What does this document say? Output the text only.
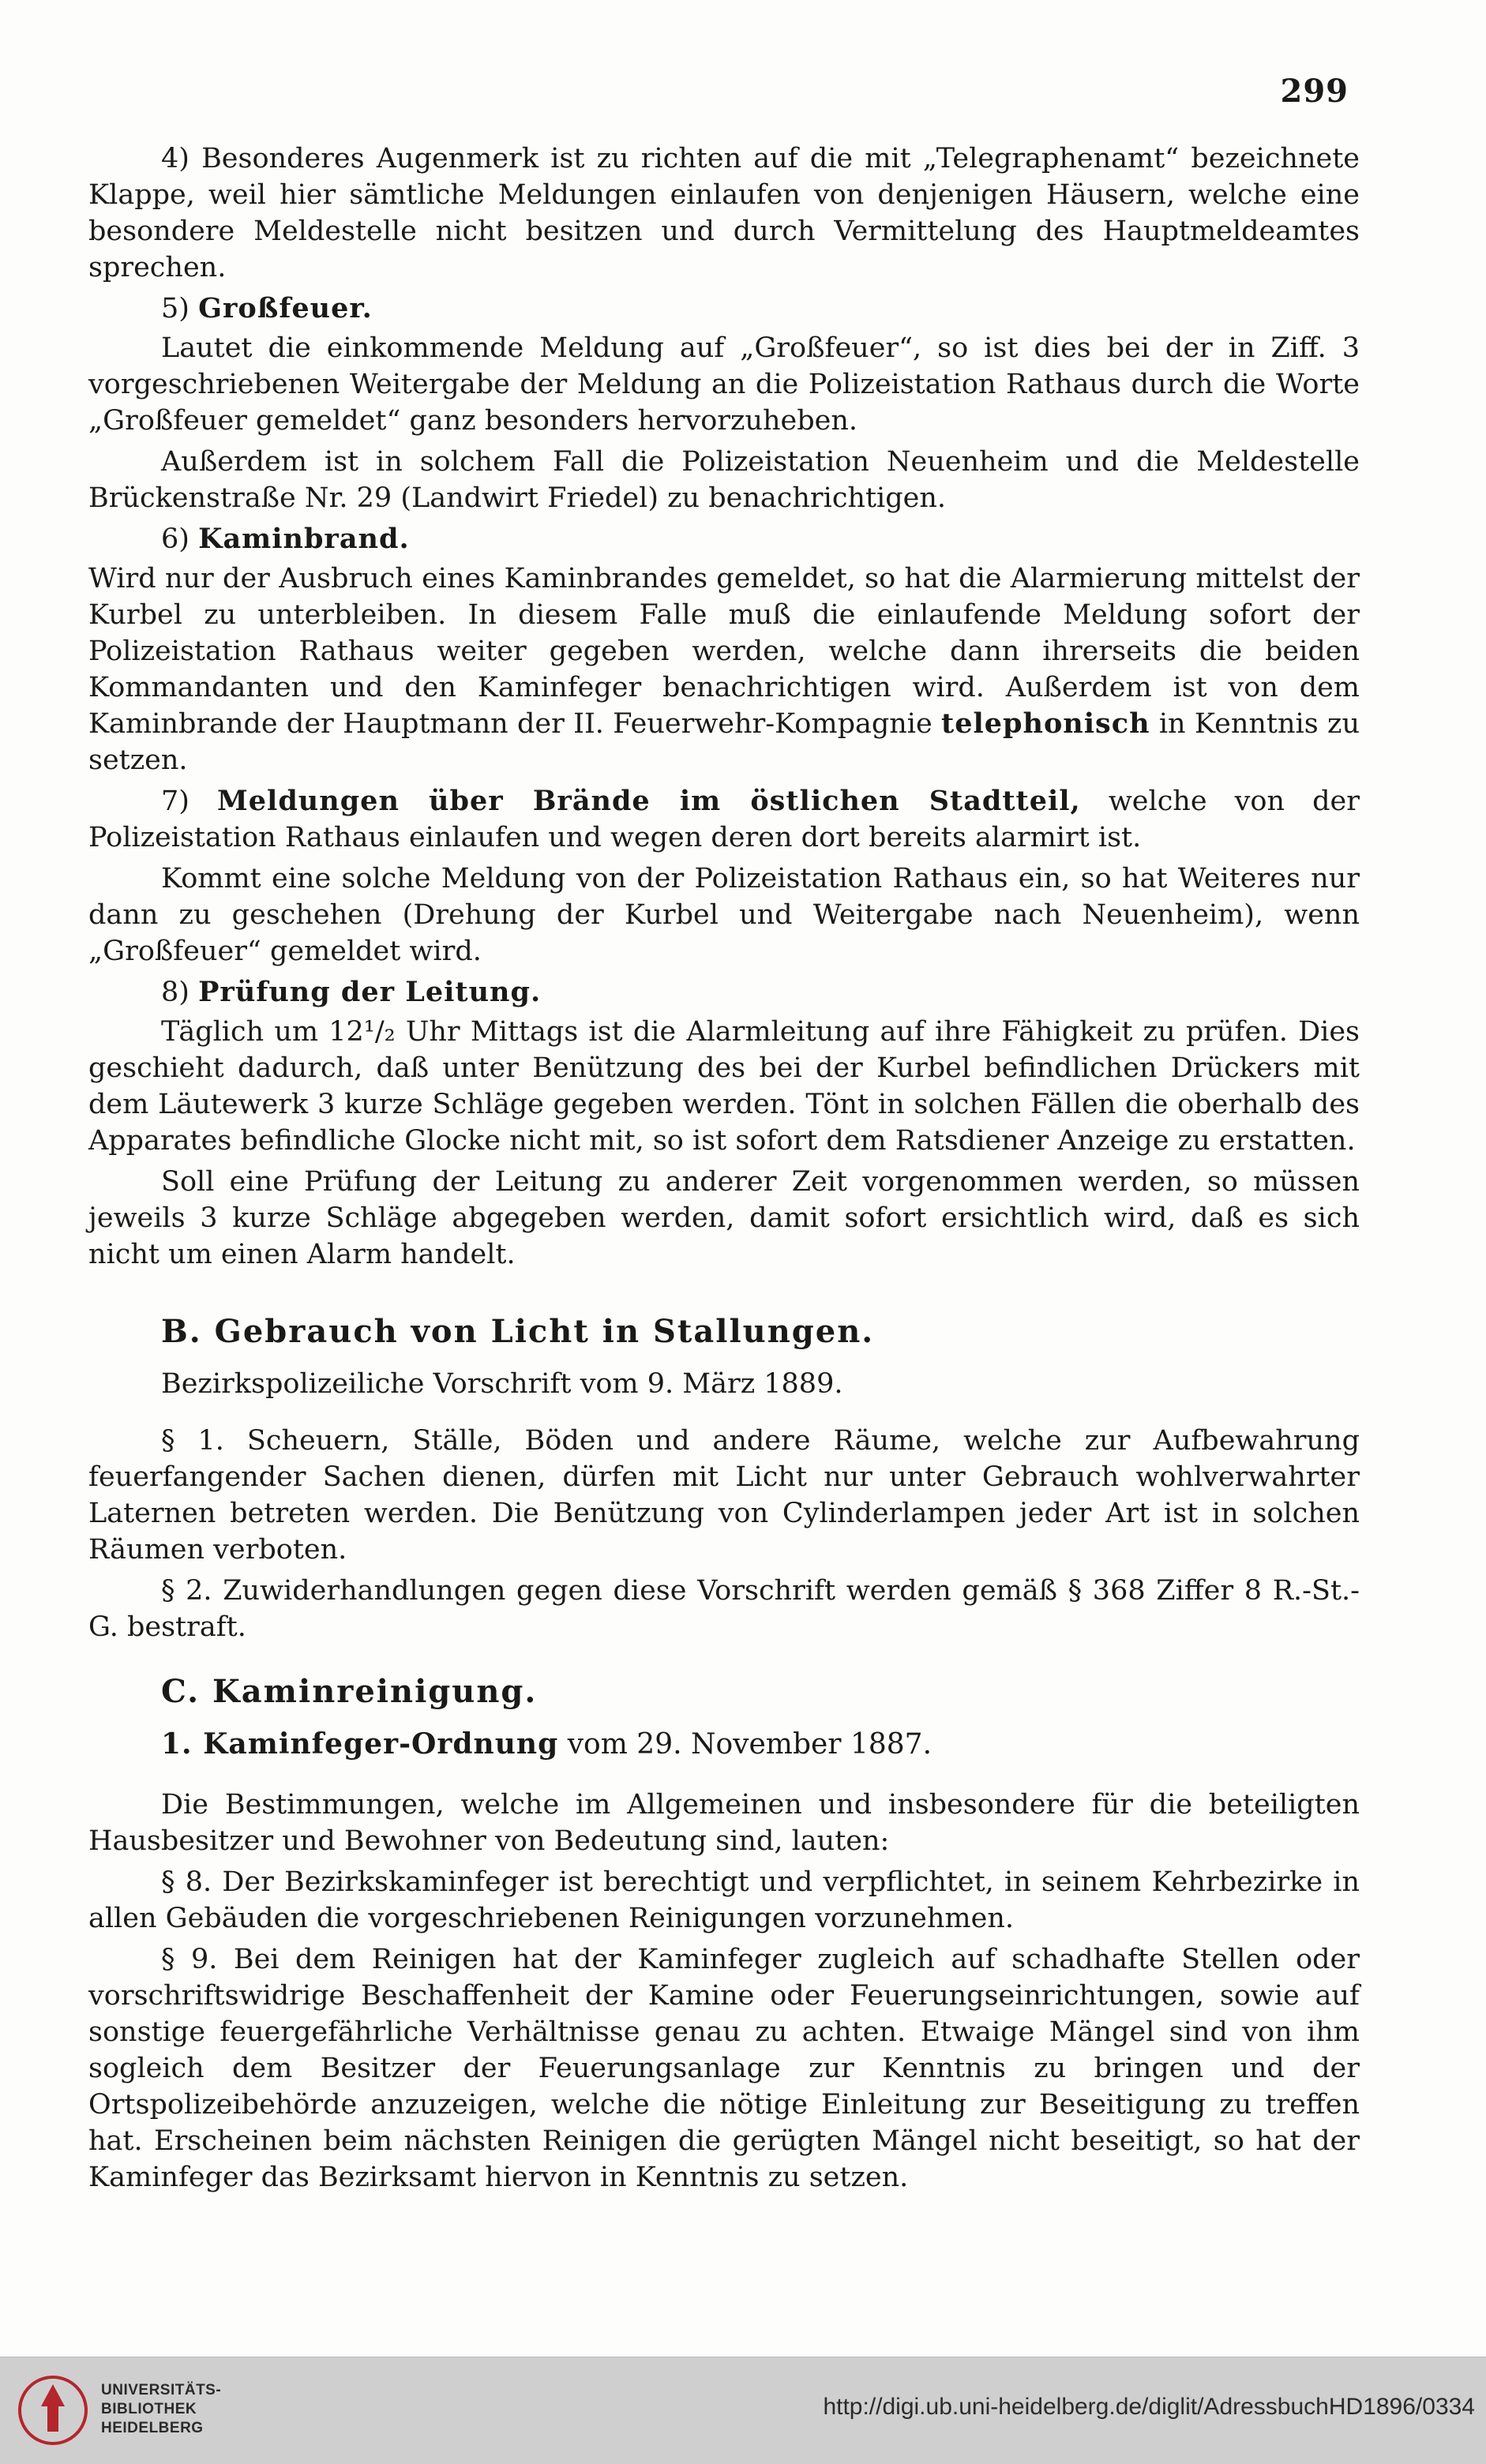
299

4) Besonderes Augenmerk ist zu richten auf die mit „Telegraphenamt“ bezeichnete Klappe, weil hier sämtliche Meldungen einlaufen von denjenigen Häusern, welche eine besondere Meldestelle nicht besitzen und durch Vermittelung des Hauptmeldeamtes sprechen.

5) Großfeuer.

Lautet die einkommende Meldung auf „Großfeuer“, so ist dies bei der in Ziff. 3 vorgeschriebenen Weitergabe der Meldung an die Polizeistation Rathaus durch die Worte „Großfeuer gemeldet“ ganz besonders hervorzuheben.

Außerdem ist in solchem Fall die Polizeistation Neuenheim und die Meldestelle Brückenstraße Nr. 29 (Landwirt Friedel) zu benachrichtigen.

6) Kaminbrand.

Wird nur der Ausbruch eines Kaminbrandes gemeldet, so hat die Alarmierung mittelst der Kurbel zu unterbleiben. In diesem Falle muß die einlaufende Meldung sofort der Polizeistation Rathaus weiter gegeben werden, welche dann ihrerseits die beiden Kommandanten und den Kaminfeger benachrichtigen wird. Außerdem ist von dem Kaminbrande der Hauptmann der II. Feuerwehr-Kompagnie telephonisch in Kenntnis zu setzen.

7) Meldungen über Brände im östlichen Stadtteil, welche von der Polizeistation Rathaus einlaufen und wegen deren dort bereits alarmirt ist.

Kommt eine solche Meldung von der Polizeistation Rathaus ein, so hat Weiteres nur dann zu geschehen (Drehung der Kurbel und Weitergabe nach Neuenheim), wenn „Großfeuer“ gemeldet wird.

8) Prüfung der Leitung.

Täglich um 12¹/₂ Uhr Mittags ist die Alarmleitung auf ihre Fähigkeit zu prüfen. Dies geschieht dadurch, daß unter Benützung des bei der Kurbel befindlichen Drückers mit dem Läutewerk 3 kurze Schläge gegeben werden. Tönt in solchen Fällen die oberhalb des Apparates befindliche Glocke nicht mit, so ist sofort dem Ratsdiener Anzeige zu erstatten.

Soll eine Prüfung der Leitung zu anderer Zeit vorgenommen werden, so müssen jeweils 3 kurze Schläge abgegeben werden, damit sofort ersichtlich wird, daß es sich nicht um einen Alarm handelt.

B. Gebrauch von Licht in Stallungen.

Bezirkspolizeiliche Vorschrift vom 9. März 1889.

§ 1. Scheuern, Ställe, Böden und andere Räume, welche zur Aufbewahrung feuerfangender Sachen dienen, dürfen mit Licht nur unter Gebrauch wohlverwahrter Laternen betreten werden. Die Benützung von Cylinderlampen jeder Art ist in solchen Räumen verboten.

§ 2. Zuwiderhandlungen gegen diese Vorschrift werden gemäß § 368 Ziffer 8 R.-St.-G. bestraft.

C. Kaminreinigung.

1. Kaminfeger-Ordnung vom 29. November 1887.

Die Bestimmungen, welche im Allgemeinen und insbesondere für die beteiligten Hausbesitzer und Bewohner von Bedeutung sind, lauten:

§ 8. Der Bezirkskaminfeger ist berechtigt und verpflichtet, in seinem Kehrbezirke in allen Gebäuden die vorgeschriebenen Reinigungen vorzunehmen.

§ 9. Bei dem Reinigen hat der Kaminfeger zugleich auf schadhafte Stellen oder vorschriftswidrige Beschaffenheit der Kamine oder Feuerungseinrichtungen, sowie auf sonstige feuergefährliche Verhältnisse genau zu achten. Etwaige Mängel sind von ihm sogleich dem Besitzer der Feuerungsanlage zur Kenntnis zu bringen und der Ortspolizeibehörde anzuzeigen, welche die nötige Einleitung zur Beseitigung zu treffen hat. Erscheinen beim nächsten Reinigen die gerügten Mängel nicht beseitigt, so hat der Kaminfeger das Bezirksamt hiervon in Kenntnis zu setzen.

UNIVERSITÄTS-
BIBLIOTHEK
HEIDELBERG
http://digi.ub.uni-heidelberg.de/diglit/AdressbuchHD1896/0334
